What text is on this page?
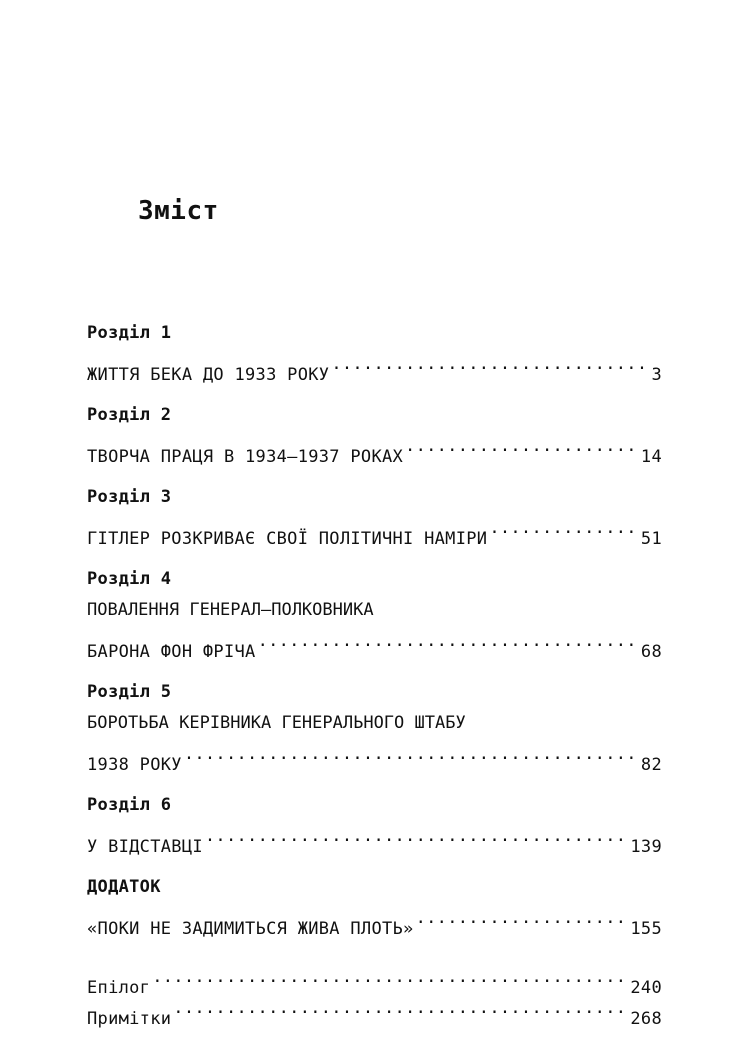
Зміст
Розділ 1
ЖИТТЯ БЕКА ДО 1933 РОКУ .....	3
Розділ 2
ТВОРЧА ПРАЦЯ В 1934–1937 РОКАХ .....	14
Розділ 3
ГІТЛЕР РОЗКРИВАЄ СВОЇ ПОЛІТИЧНІ НАМІРИ .....	51
Розділ 4
ПОВАЛЕННЯ ГЕНЕРАЛ–ПОЛКОВНИКА
БАРОНА ФОН ФРІЧА .....	68
Розділ 5
БОРОТЬБА КЕРІВНИКА ГЕНЕРАЛЬНОГО ШТАБУ
1938 РОКУ .....	82
Розділ 6
У ВІДСТАВЦІ .....	139
ДОДАТОК
«ПОКИ НЕ ЗАДИМИТЬСЯ ЖИВА ПЛОТЬ» .....	155
Епілог .....	240
Примітки .....	268
